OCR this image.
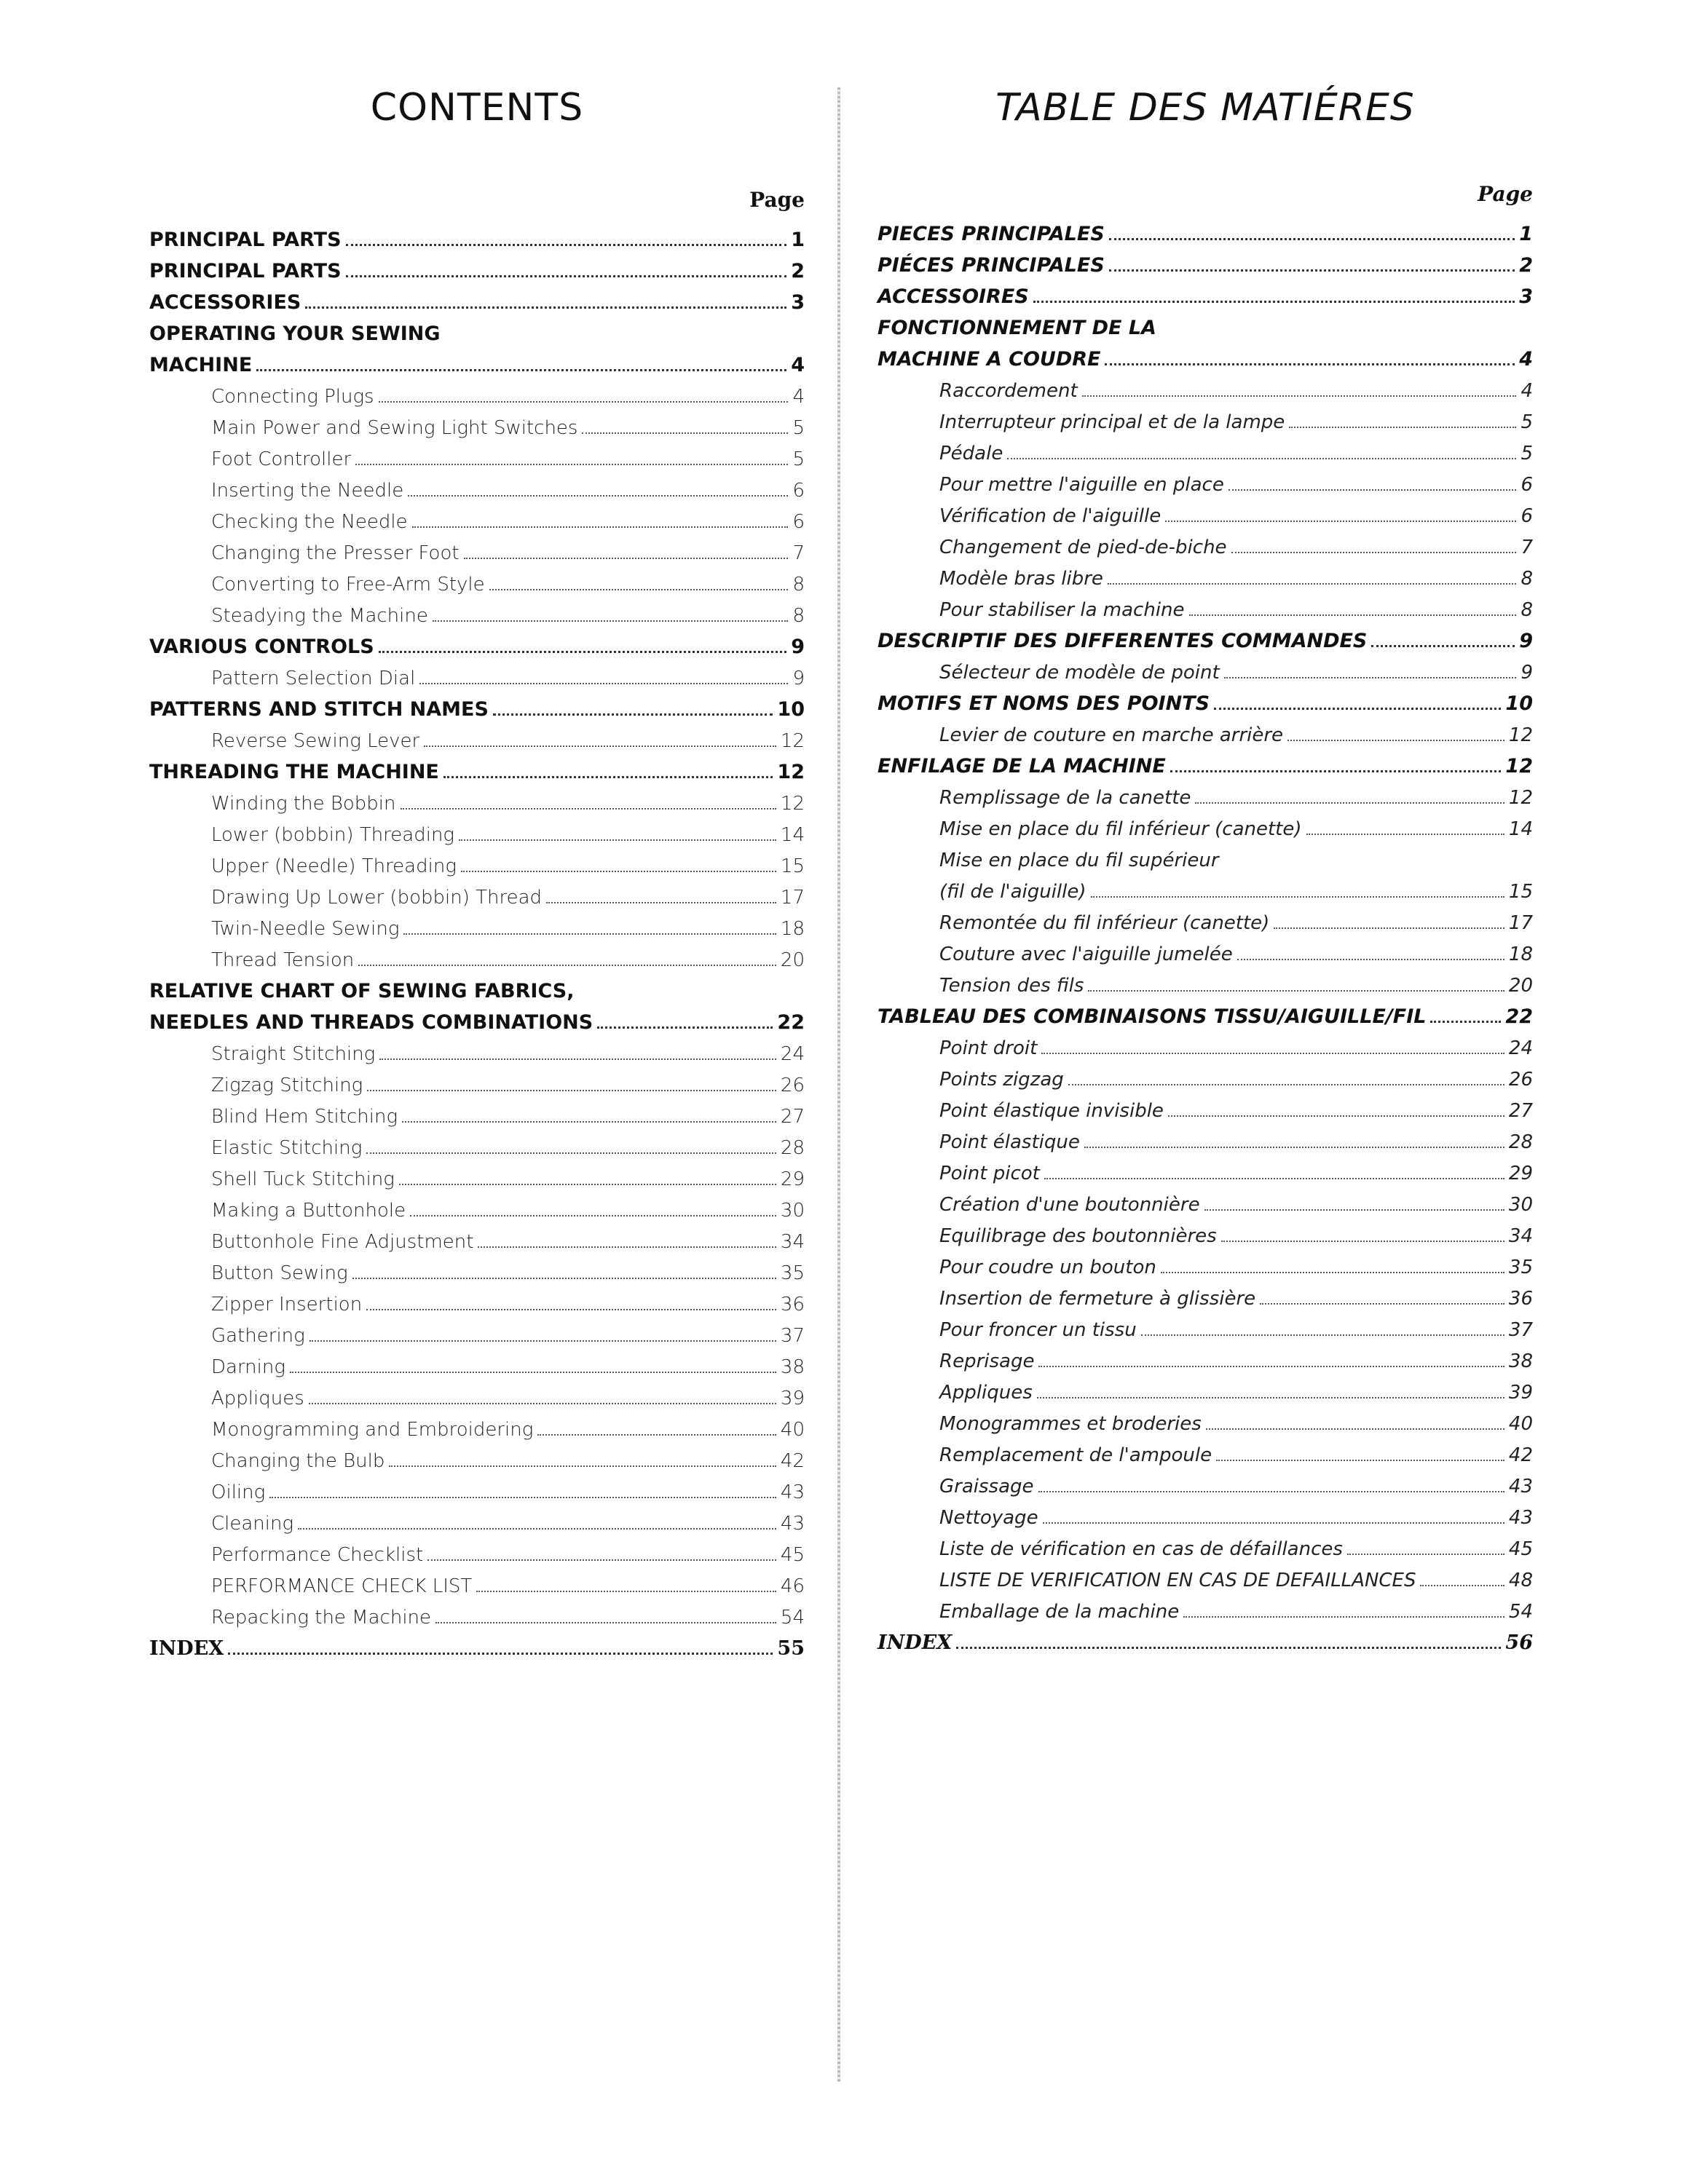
CONTENTS
Page
PRINCIPAL PARTS	1
PRINCIPAL PARTS	2
ACCESSORIES	3
OPERATING YOUR SEWING
MACHINE	4
Connecting Plugs	4
Main Power and Sewing Light Switches	5
Foot Controller	5
Inserting the Needle	6
Checking the Needle	6
Changing the Presser Foot	7
Converting to Free-Arm Style	8
Steadying the Machine	8
VARIOUS CONTROLS	9
Pattern Selection Dial	9
PATTERNS AND STITCH NAMES	10
Reverse Sewing Lever	12
THREADING THE MACHINE	12
Winding the Bobbin	12
Lower (bobbin) Threading	14
Upper (Needle) Threading	15
Drawing Up Lower (bobbin) Thread	17
Twin-Needle Sewing	18
Thread Tension	20
RELATIVE CHART OF SEWING FABRICS,
NEEDLES AND THREADS COMBINATIONS	22
Straight Stitching	24
Zigzag Stitching	26
Blind Hem Stitching	27
Elastic Stitching	28
Shell Tuck Stitching	29
Making a Buttonhole	30
Buttonhole Fine Adjustment	34
Button Sewing	35
Zipper Insertion	36
Gathering	37
Darning	38
Appliques	39
Monogramming and Embroidering	40
Changing the Bulb	42
Oiling	43
Cleaning	43
Performance Checklist	45
PERFORMANCE CHECK LIST	46
Repacking the Machine	54
INDEX	55
TABLE DES MATIÉRES
Page
PIECES PRINCIPALES	1
PIÉCES PRINCIPALES	2
ACCESSOIRES	3
FONCTIONNEMENT DE LA
MACHINE A COUDRE	4
Raccordement	4
Interrupteur principal et de la lampe	5
Pédale	5
Pour mettre l'aiguille en place	6
Vérification de l'aiguille	6
Changement de pied-de-biche	7
Modèle bras libre	8
Pour stabiliser la machine	8
DESCRIPTIF DES DIFFERENTES COMMANDES	9
Sélecteur de modèle de point	9
MOTIFS ET NOMS DES POINTS	10
Levier de couture en marche arrière	12
ENFILAGE DE LA MACHINE	12
Remplissage de la canette	12
Mise en place du fil inférieur (canette)	14
Mise en place du fil supérieur
(fil de l'aiguille)	15
Remontée du fil inférieur (canette)	17
Couture avec l'aiguille jumelée	18
Tension des fils	20
TABLEAU DES COMBINAISONS TISSU/AIGUILLE/FIL	22
Point droit	24
Points zigzag	26
Point élastique invisible	27
Point élastique	28
Point picot	29
Création d'une boutonnière	30
Equilibrage des boutonnières	34
Pour coudre un bouton	35
Insertion de fermeture à glissière	36
Pour froncer un tissu	37
Reprisage	38
Appliques	39
Monogrammes et broderies	40
Remplacement de l'ampoule	42
Graissage	43
Nettoyage	43
Liste de vérification en cas de défaillances	45
LISTE DE VERIFICATION EN CAS DE DEFAILLANCES	48
Emballage de la machine	54
INDEX	56
